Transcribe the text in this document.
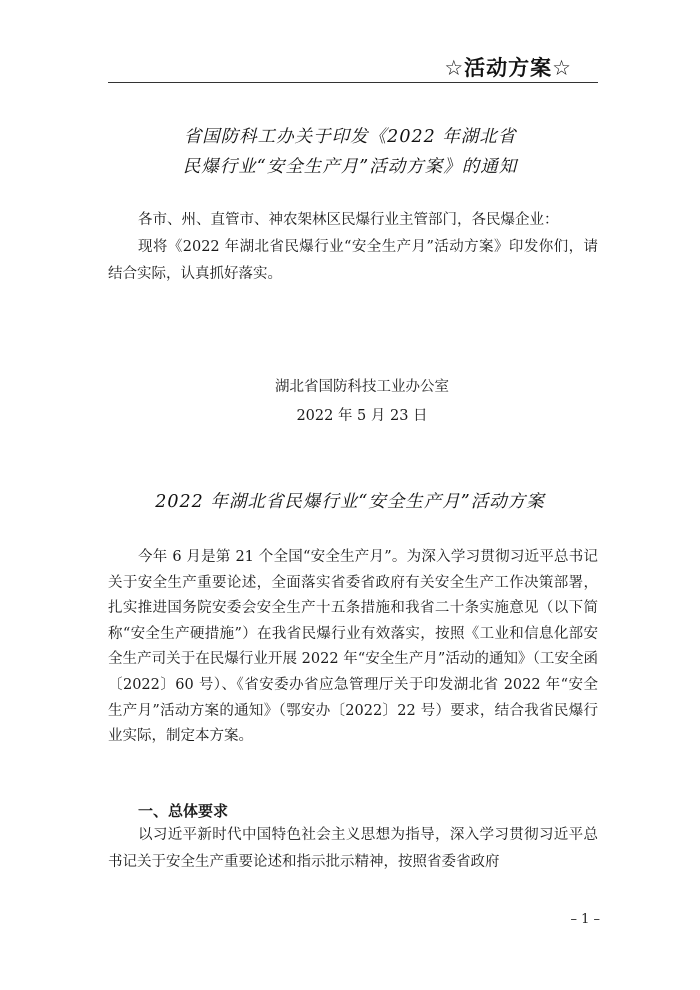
☆活动方案☆
省国防科工办关于印发《2022 年湖北省
民爆行业“安全生产月”活动方案》的通知
各市、州、直管市、神农架林区民爆行业主管部门，各民爆企业：
现将《2022 年湖北省民爆行业“安全生产月”活动方案》印发你们，请结合实际，认真抓好落实。
湖北省国防科技工业办公室
2022 年 5 月 23 日
2022 年湖北省民爆行业“安全生产月”活动方案
今年 6 月是第 21 个全国“安全生产月”。为深入学习贯彻习近平总书记关于安全生产重要论述，全面落实省委省政府有关安全生产工作决策部署，扎实推进国务院安委会安全生产十五条措施和我省二十条实施意见（以下简称“安全生产硬措施”）在我省民爆行业有效落实，按照《工业和信息化部安全生产司关于在民爆行业开展 2022 年“安全生产月”活动的通知》（工安全函〔2022〕60 号）、《省安委办省应急管理厅关于印发湖北省 2022 年“安全生产月”活动方案的通知》（鄂安办〔2022〕22 号）要求，结合我省民爆行业实际，制定本方案。
一、总体要求
以习近平新时代中国特色社会主义思想为指导，深入学习贯彻习近平总书记关于安全生产重要论述和指示批示精神，按照省委省政府
– 1 –
